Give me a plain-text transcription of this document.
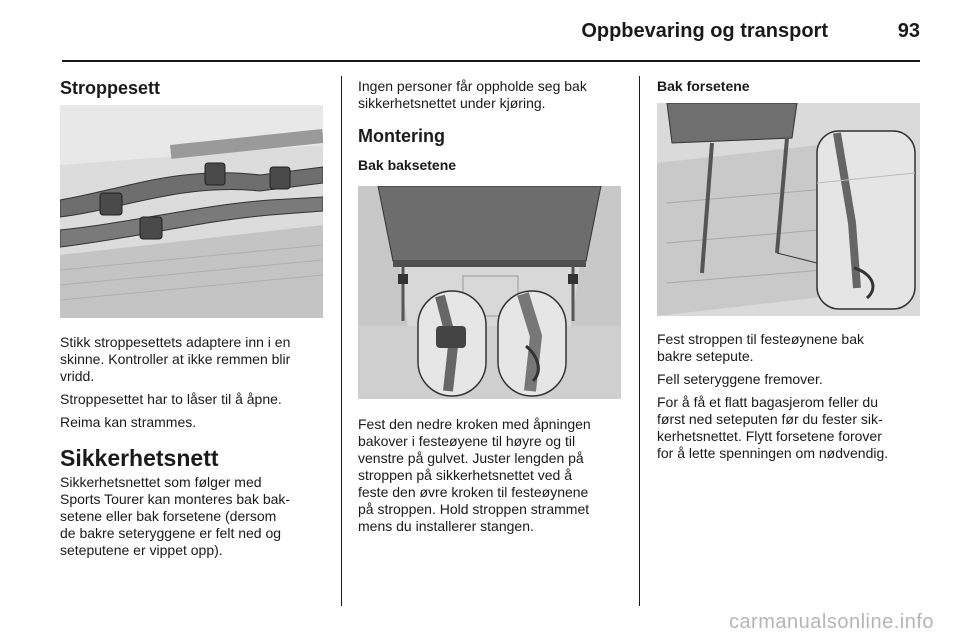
Oppbevaring og transport	93
Stroppesett

Stikk stroppesettets adaptere inn i en
skinne. Kontroller at ikke remmen blir
vridd.

Stroppesettet har to låser til å åpne.

Reima kan strammes.

Sikkerhetsnett

Sikkerhetsnettet som følger med
Sports Tourer kan monteres bak bak-
setene eller bak forsetene (dersom
de bakre seteryggene er felt ned og
seteputene er vippet opp).

Ingen personer får oppholde seg bak
sikkerhetsnettet under kjøring.

Montering
Bak baksetene

Fest den nedre kroken med åpningen
bakover i festeøyene til høyre og til
venstre på gulvet. Juster lengden på
stroppen på sikkerhetsnettet ved å
feste den øvre kroken til festeøynene
på stroppen. Hold stroppen strammet
mens du installerer stangen.

Bak forsetene

Fest stroppen til festeøynene bak
bakre setepute.

Fell seteryggene fremover.

For å få et flatt bagasjerom feller du
først ned seteputen før du fester sik-
kerhetsnettet. Flytt forsetene forover
for å lette spenningen om nødvendig.

carmanualsonline.info
